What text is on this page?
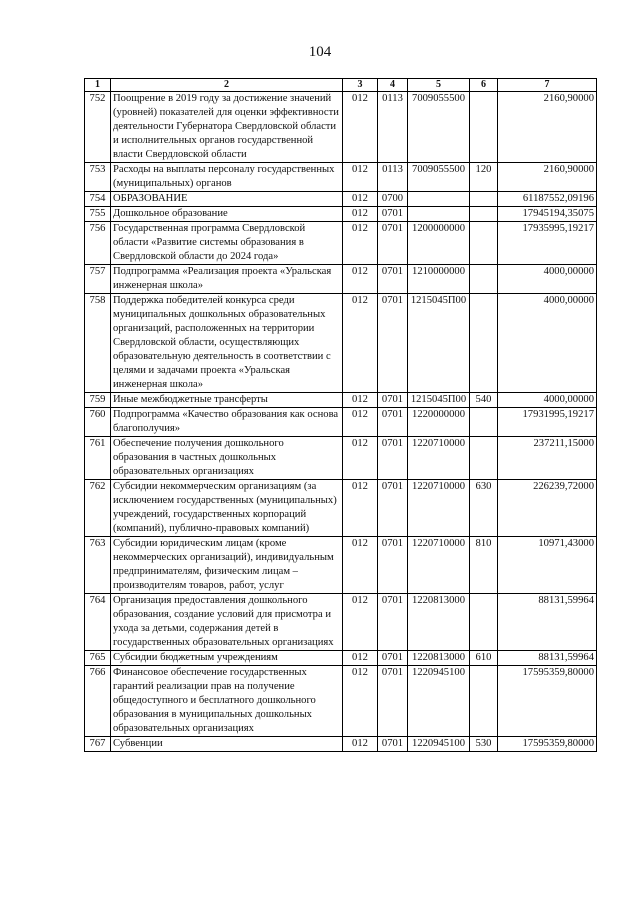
104
1	2	3	4	5	6	7
752	Поощрение в 2019 году за достижение значений (уровней) показателей для оценки эффективности деятельности Губернатора Свердловской области и исполнительных органов государственной власти Свердловской области	012	0113	7009055500		2160,90000
753	Расходы на выплаты персоналу государственных (муниципальных) органов	012	0113	7009055500	120	2160,90000
754	ОБРАЗОВАНИЕ	012	0700			61187552,09196
755	Дошкольное образование	012	0701			17945194,35075
756	Государственная программа Свердловской области «Развитие системы образования в Свердловской области до 2024 года»	012	0701	1200000000		17935995,19217
757	Подпрограмма «Реализация проекта «Уральская инженерная школа»	012	0701	1210000000		4000,00000
758	Поддержка победителей конкурса среди муниципальных дошкольных образовательных организаций, расположенных на территории Свердловской области, осуществляющих образовательную деятельность в соответствии с целями и задачами проекта «Уральская инженерная школа»	012	0701	1215045П00		4000,00000
759	Иные межбюджетные трансферты	012	0701	1215045П00	540	4000,00000
760	Подпрограмма «Качество образования как основа благополучия»	012	0701	1220000000		17931995,19217
761	Обеспечение получения дошкольного образования в частных дошкольных образовательных организациях	012	0701	1220710000		237211,15000
762	Субсидии некоммерческим организациям (за исключением государственных (муниципальных) учреждений, государственных корпораций (компаний), публично-правовых компаний)	012	0701	1220710000	630	226239,72000
763	Субсидии юридическим лицам (кроме некоммерческих организаций), индивидуальным предпринимателям, физическим лицам – производителям товаров, работ, услуг	012	0701	1220710000	810	10971,43000
764	Организация предоставления дошкольного образования, создание условий для присмотра и ухода за детьми, содержания детей в государственных образовательных организациях	012	0701	1220813000		88131,59964
765	Субсидии бюджетным учреждениям	012	0701	1220813000	610	88131,59964
766	Финансовое обеспечение государственных гарантий реализации прав на получение общедоступного и бесплатного дошкольного образования в муниципальных дошкольных образовательных организациях	012	0701	1220945100		17595359,80000
767	Субвенции	012	0701	1220945100	530	17595359,80000
